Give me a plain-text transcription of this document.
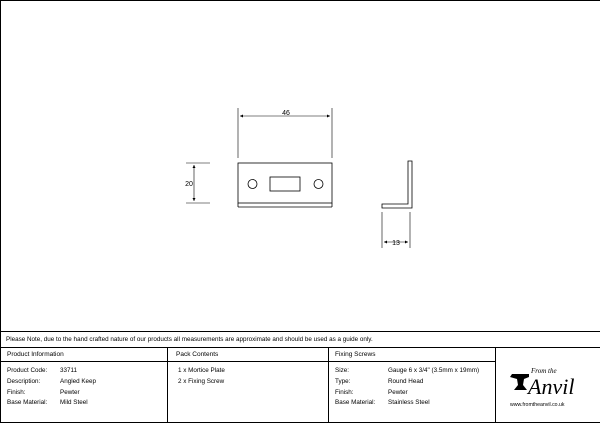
46
20
13
Please Note, due to the hand crafted nature of our products all measurements are approximate and should be used as a guide only.
Product Information
Product Code: 33711
Description:	Angled Keep
Finish:	Pewter
Base Material: Mild Steel
Pack Contents
1 x Mortice Plate
2 x Fixing Screw
Fixing Screws
Size:	Gauge 6 x 3/4" (3.5mm x 19mm)
Type:	Round Head
Finish:	Pewter
Base Material: Stainless Steel
From the
Anvil
www.fromtheanvil.co.uk
